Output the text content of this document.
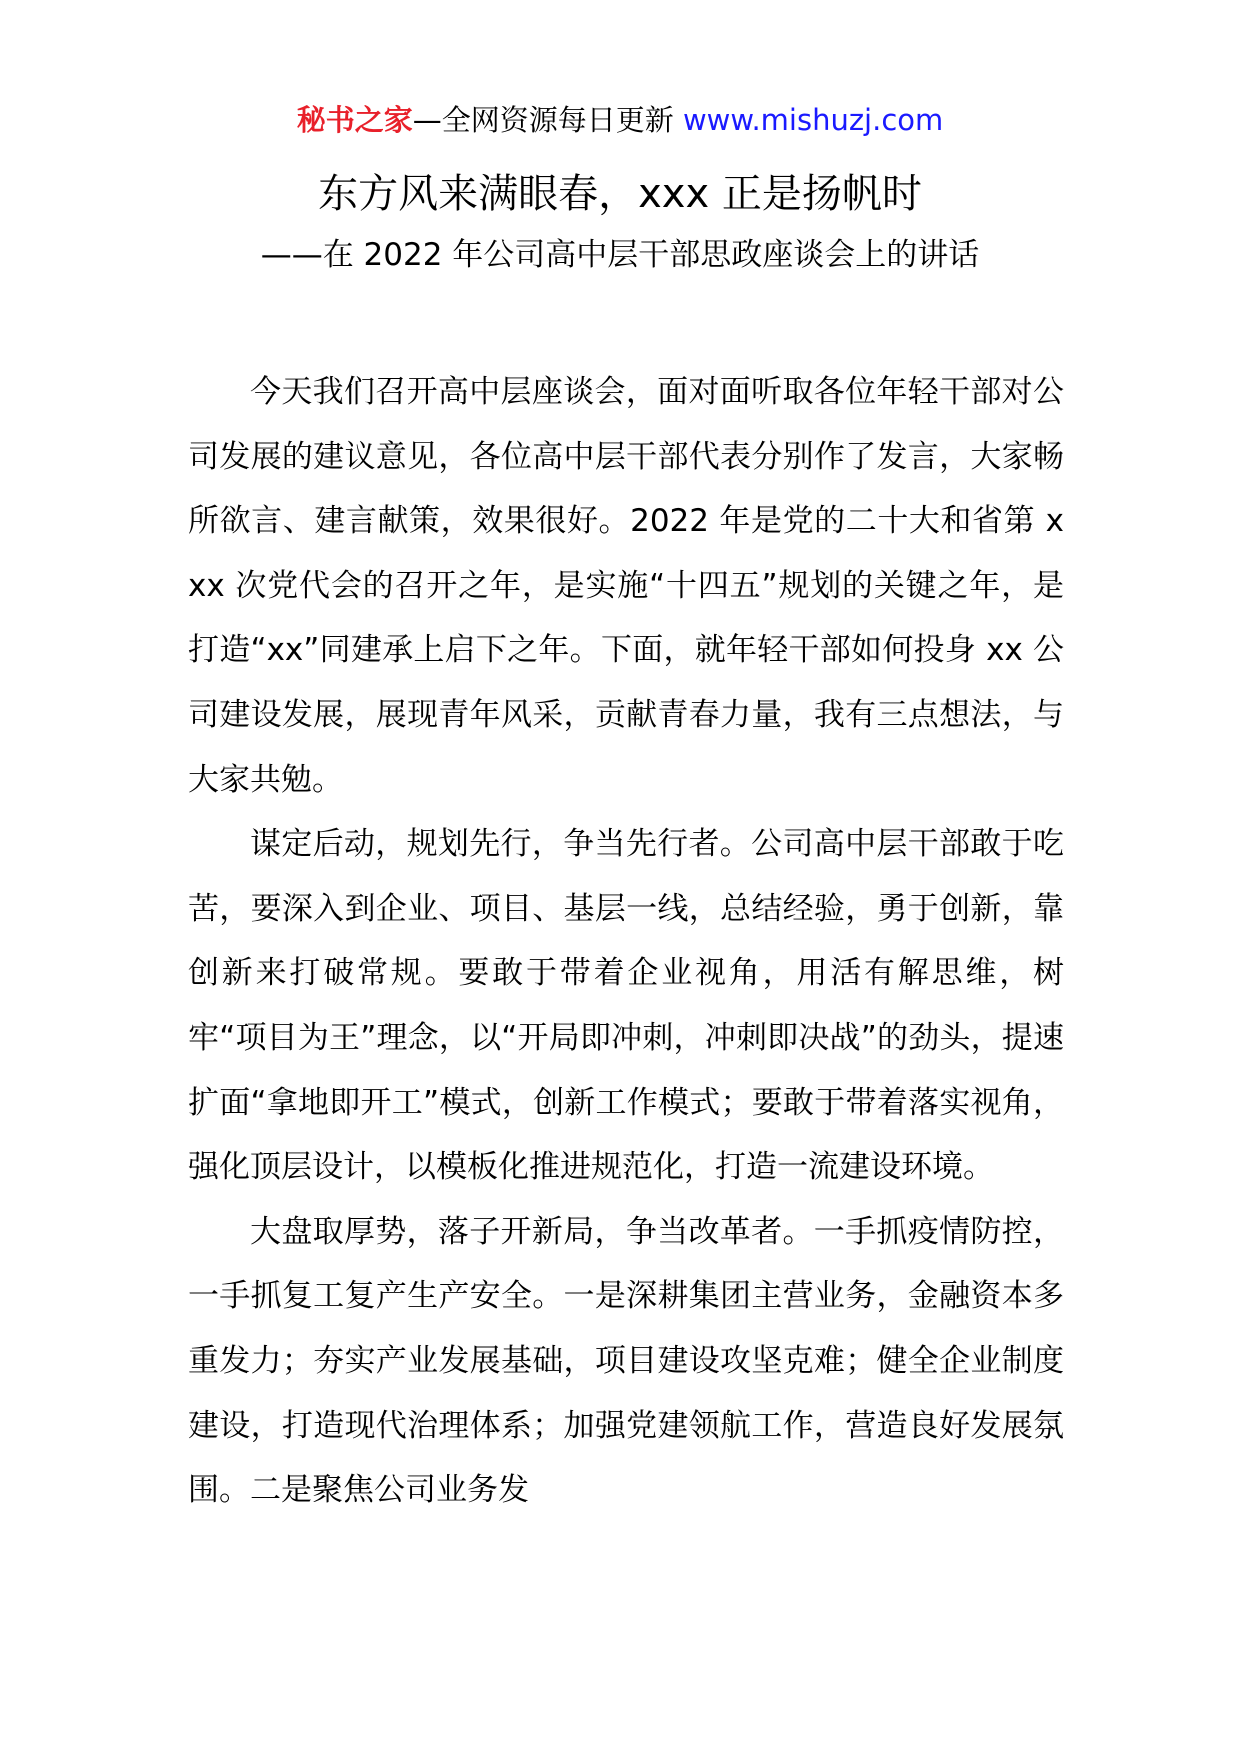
秘书之家—全网资源每日更新 www.mishuzj.com
东方风来满眼春，xxx 正是扬帆时
——在 2022 年公司高中层干部思政座谈会上的讲话

今天我们召开高中层座谈会，面对面听取各位年轻干部对公司发展的建议意见，各位高中层干部代表分别作了发言，大家畅所欲言、建言献策，效果很好。2022 年是党的二十大和省第 xxx 次党代会的召开之年，是实施“十四五”规划的关键之年，是打造“xx”同建承上启下之年。下面，就年轻干部如何投身 xx 公司建设发展，展现青年风采，贡献青春力量，我有三点想法，与大家共勉。

谋定后动，规划先行，争当先行者。公司高中层干部敢于吃苦，要深入到企业、项目、基层一线，总结经验，勇于创新，靠创新来打破常规。要敢于带着企业视角，用活有解思维，树牢“项目为王”理念，以“开局即冲刺，冲刺即决战”的劲头，提速扩面“拿地即开工”模式，创新工作模式；要敢于带着落实视角，强化顶层设计，以模板化推进规范化，打造一流建设环境。

大盘取厚势，落子开新局，争当改革者。一手抓疫情防控，一手抓复工复产生产安全。一是深耕集团主营业务，金融资本多重发力；夯实产业发展基础，项目建设攻坚克难；健全企业制度建设，打造现代治理体系；加强党建领航工作，营造良好发展氛围。二是聚焦公司业务发
